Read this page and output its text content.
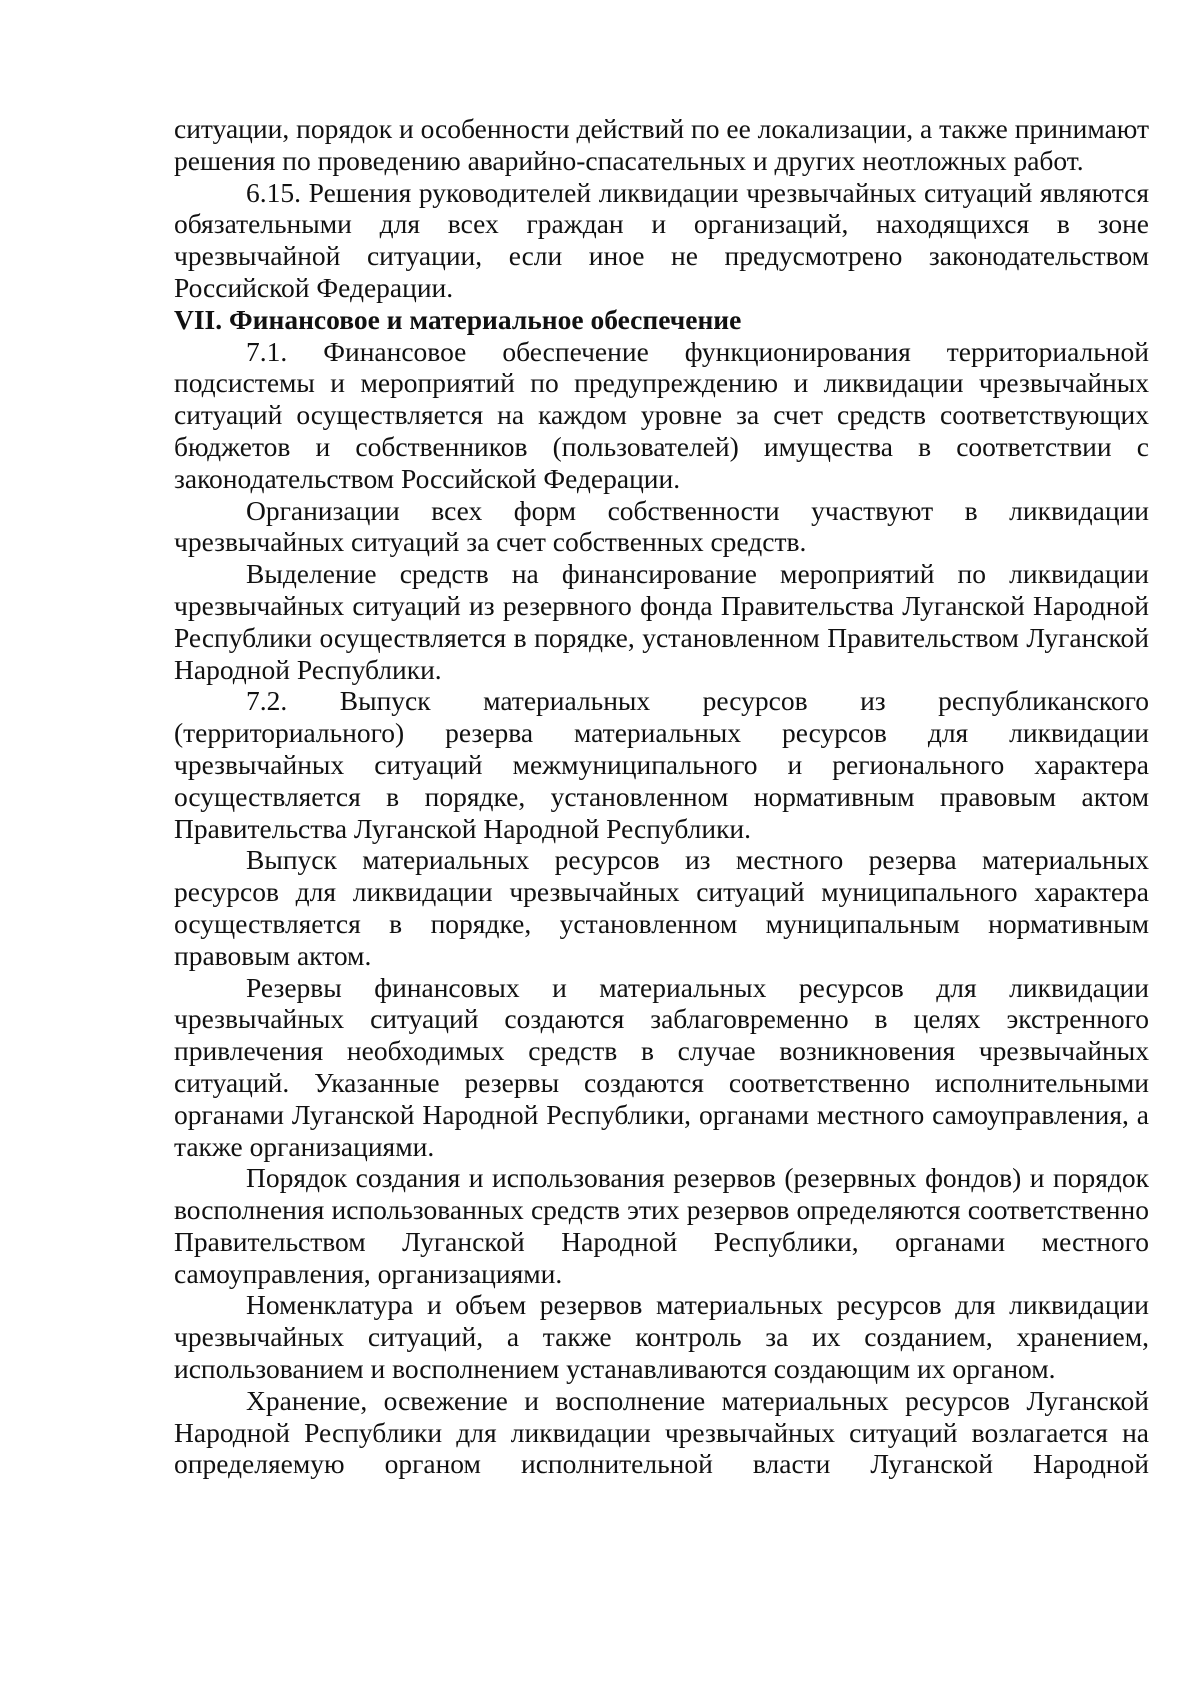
ситуации, порядок и особенности действий по ее локализации, а также принимают решения по проведению аварийно-спасательных и других неотложных работ.

6.15. Решения руководителей ликвидации чрезвычайных ситуаций являются обязательными для всех граждан и организаций, находящихся в зоне чрезвычайной ситуации, если иное не предусмотрено законодательством Российской Федерации.

VII. Финансовое и материальное обеспечение

7.1. Финансовое обеспечение функционирования территориальной подсистемы и мероприятий по предупреждению и ликвидации чрезвычайных ситуаций осуществляется на каждом уровне за счет средств соответствующих бюджетов и собственников (пользователей) имущества в соответствии с законодательством Российской Федерации.

Организации всех форм собственности участвуют в ликвидации чрезвычайных ситуаций за счет собственных средств.

Выделение средств на финансирование мероприятий по ликвидации чрезвычайных ситуаций из резервного фонда Правительства Луганской Народной Республики осуществляется в порядке, установленном Правительством Луганской Народной Республики.

7.2. Выпуск материальных ресурсов из республиканского (территориального) резерва материальных ресурсов для ликвидации чрезвычайных ситуаций межмуниципального и регионального характера осуществляется в порядке, установленном нормативным правовым актом Правительства Луганской Народной Республики.

Выпуск материальных ресурсов из местного резерва материальных ресурсов для ликвидации чрезвычайных ситуаций муниципального характера осуществляется в порядке, установленном муниципальным нормативным правовым актом.

Резервы финансовых и материальных ресурсов для ликвидации чрезвычайных ситуаций создаются заблаговременно в целях экстренного привлечения необходимых средств в случае возникновения чрезвычайных ситуаций. Указанные резервы создаются соответственно исполнительными органами Луганской Народной Республики, органами местного самоуправления, а также организациями.

Порядок создания и использования резервов (резервных фондов) и порядок восполнения использованных средств этих резервов определяются соответственно Правительством Луганской Народной Республики, органами местного самоуправления, организациями.

Номенклатура и объем резервов материальных ресурсов для ликвидации чрезвычайных ситуаций, а также контроль за их созданием, хранением, использованием и восполнением устанавливаются создающим их органом.

Хранение, освежение и восполнение материальных ресурсов Луганской Народной Республики для ликвидации чрезвычайных ситуаций возлагается на определяемую органом исполнительной власти Луганской Народной
